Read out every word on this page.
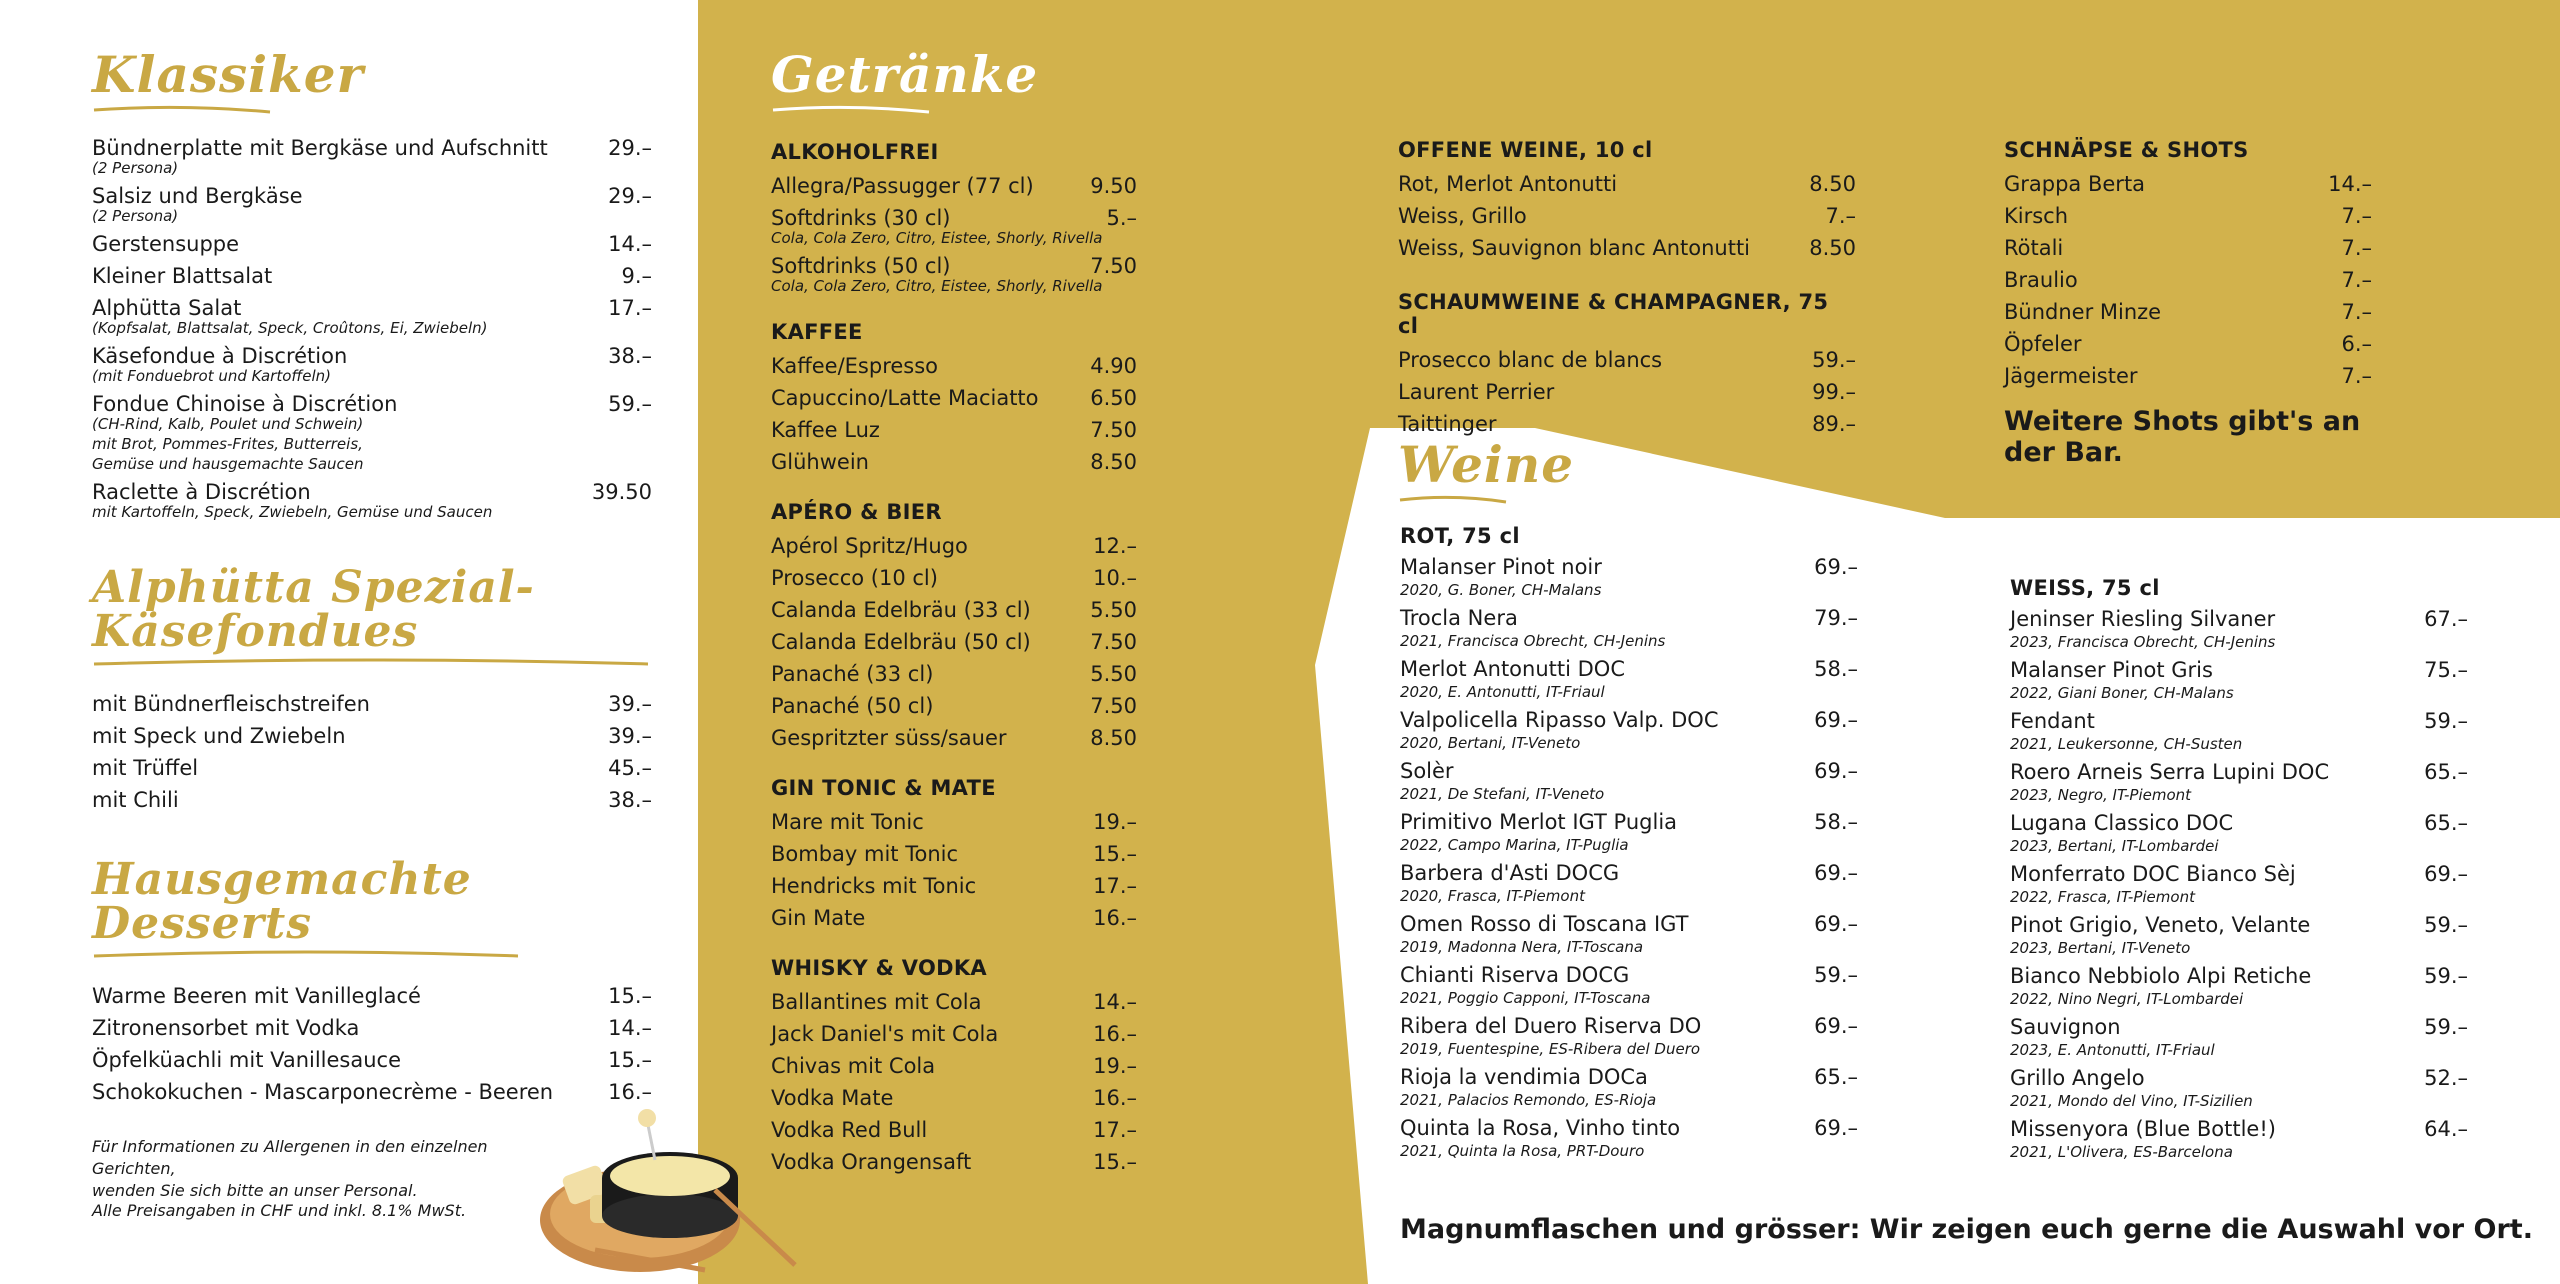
Klassiker
Bündnerplatte mit Bergkäse und Aufschnitt	29.–
(2 Persona)
Salsiz und Bergkäse	29.–
(2 Persona)
Gerstensuppe	14.–
Kleiner Blattsalat	9.–
Alphütta Salat	17.–
(Kopfsalat, Blattsalat, Speck, Croûtons, Ei, Zwiebeln)
Käsefondue à Discrétion	38.–
(mit Fonduebrot und Kartoffeln)
Fondue Chinoise à Discrétion	59.–
(CH-Rind, Kalb, Poulet und Schwein)
mit Brot, Pommes-Frites, Butterreis,
Gemüse und hausgemachte Saucen
Raclette à Discrétion	39.50
mit Kartoffeln, Speck, Zwiebeln, Gemüse und Saucen
Alphütta Spezial-Käsefondues
mit Bündnerfleischstreifen	39.–
mit Speck und Zwiebeln	39.–
mit Trüffel	45.–
mit Chili	38.–
Hausgemachte Desserts
Warme Beeren mit Vanilleglacé	15.–
Zitronensorbet mit Vodka	14.–
Öpfelküachli mit Vanillesauce	15.–
Schokokuchen - Mascarponecrème - Beeren	16.–
Für Informationen zu Allergenen in den einzelnen Gerichten,
wenden Sie sich bitte an unser Personal.
Alle Preisangaben in CHF und inkl. 8.1% MwSt.
Getränke
ALKOHOLFREI
Allegra/Passugger (77 cl)	9.50
Softdrinks (30 cl)	5.–
Cola, Cola Zero, Citro, Eistee, Shorly, Rivella
Softdrinks (50 cl)	7.50
Cola, Cola Zero, Citro, Eistee, Shorly, Rivella
KAFFEE
Kaffee/Espresso	4.90
Capuccino/Latte Maciatto 6.50
Kaffee Luz	7.50
Glühwein	8.50
APÉRO & BIER
Apérol Spritz/Hugo	12.–
Prosecco (10 cl)	10.–
Calanda Edelbräu (33 cl)	5.50
Calanda Edelbräu (50 cl)	7.50
Panaché (33 cl)	5.50
Panaché (50 cl)	7.50
Gespritzter süss/sauer	8.50
GIN TONIC & MATE
Mare mit Tonic	19.–
Bombay mit Tonic	15.–
Hendricks mit Tonic	17.–
Gin Mate	16.–
WHISKY & VODKA
Ballantines mit Cola	14.–
Jack Daniel's mit Cola	16.–
Chivas mit Cola	19.–
Vodka Mate	16.–
Vodka Red Bull	17.–
Vodka Orangensaft	15.–
OFFENE WEINE, 10 cl
Rot, Merlot Antonutti	8.50
Weiss, Grillo	7.–
Weiss, Sauvignon blanc Antonutti	8.50
SCHAUMWEINE & CHAMPAGNER, 75 cl
Prosecco blanc de blancs	59.–
Laurent Perrier	99.–
Taittinger	89.–
SCHNÄPSE & SHOTS
Grappa Berta	14.–
Kirsch	7.–
Rötali	7.–
Braulio	7.–
Bündner Minze	7.–
Öpfeler	6.–
Jägermeister	7.–
Weitere Shots gibt's an der Bar.
Weine
ROT, 75 cl
Malanser Pinot noir	69.–
2020, G. Boner, CH-Malans
Trocla Nera	79.–
2021, Francisca Obrecht, CH-Jenins
Merlot Antonutti DOC	58.–
2020, E. Antonutti, IT-Friaul
Valpolicella Ripasso Valp. DOC	69.–
2020, Bertani, IT-Veneto
Solèr	69.–
2021, De Stefani, IT-Veneto
Primitivo Merlot IGT Puglia	58.–
2022, Campo Marina, IT-Puglia
Barbera d'Asti DOCG	69.–
2020, Frasca, IT-Piemont
Omen Rosso di Toscana IGT	69.–
2019, Madonna Nera, IT-Toscana
Chianti Riserva DOCG	59.–
2021, Poggio Capponi, IT-Toscana
Ribera del Duero Riserva DO	69.–
2019, Fuentespine, ES-Ribera del Duero
Rioja la vendimia DOCa	65.–
2021, Palacios Remondo, ES-Rioja
Quinta la Rosa, Vinho tinto	69.–
2021, Quinta la Rosa, PRT-Douro
WEISS, 75 cl
Jeninser Riesling Silvaner	67.–
2023, Francisca Obrecht, CH-Jenins
Malanser Pinot Gris	75.–
2022, Giani Boner, CH-Malans
Fendant	59.–
2021, Leukersonne, CH-Susten
Roero Arneis Serra Lupini DOC	65.–
2023, Negro, IT-Piemont
Lugana Classico DOC	65.–
2023, Bertani, IT-Lombardei
Monferrato DOC Bianco Sèj	69.–
2022, Frasca, IT-Piemont
Pinot Grigio, Veneto, Velante	59.–
2023, Bertani, IT-Veneto
Bianco Nebbiolo Alpi Retiche	59.–
2022, Nino Negri, IT-Lombardei
Sauvignon	59.–
2023, E. Antonutti, IT-Friaul
Grillo Angelo	52.–
2021, Mondo del Vino, IT-Sizilien
Missenyora (Blue Bottle!)	64.–
2021, L'Olivera, ES-Barcelona
Magnumflaschen und grösser: Wir zeigen euch gerne die Auswahl vor Ort.
